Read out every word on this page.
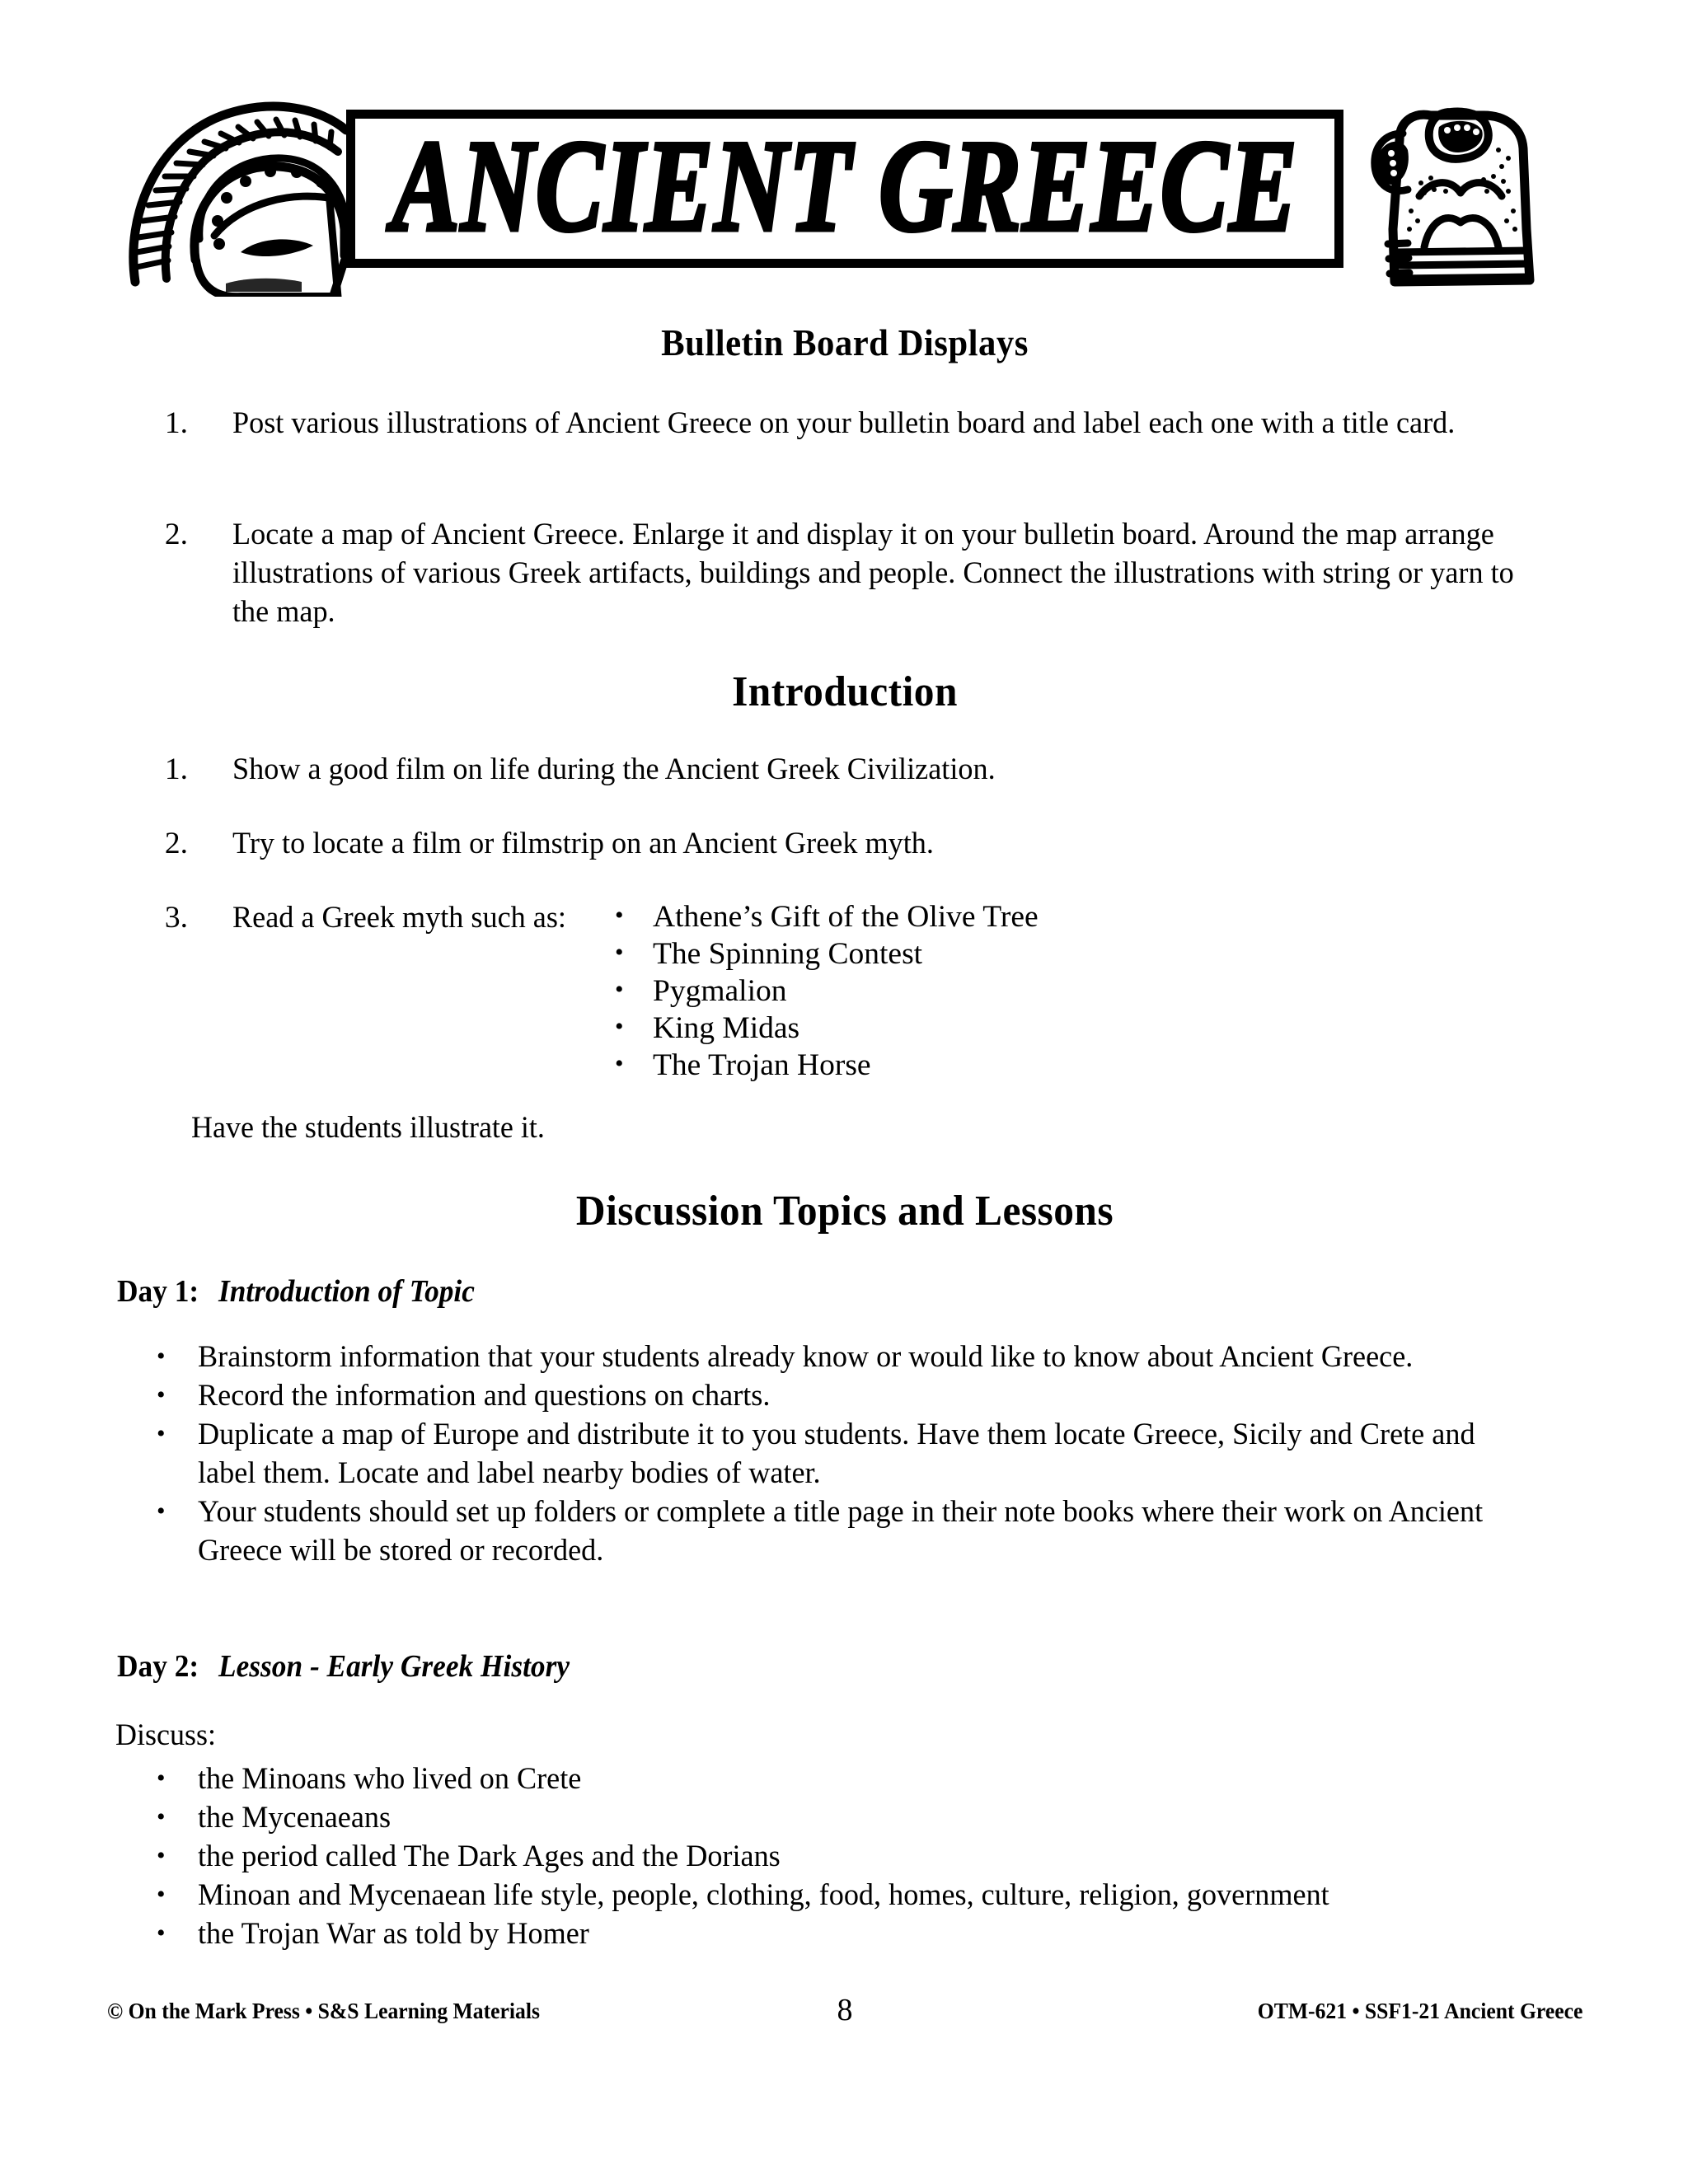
ANCIENT GREECE
Bulletin Board Displays
1. Post various illustrations of Ancient Greece on your bulletin board and label each one with a title card.
2. Locate a map of Ancient Greece. Enlarge it and display it on your bulletin board. Around the map arrange illustrations of various Greek artifacts, buildings and people. Connect the illustrations with string or yarn to the map.
Introduction
1. Show a good film on life during the Ancient Greek Civilization.
2. Try to locate a film or filmstrip on an Ancient Greek myth.
3. Read a Greek myth such as:	• Athene’s Gift of the Olive Tree
• The Spinning Contest
• Pygmalion
• King Midas
• The Trojan Horse
Have the students illustrate it.
Discussion Topics and Lessons
Day 1: Introduction of Topic
• Brainstorm information that your students already know or would like to know about Ancient Greece.
• Record the information and questions on charts.
• Duplicate a map of Europe and distribute it to you students. Have them locate Greece, Sicily and Crete and label them. Locate and label nearby bodies of water.
• Your students should set up folders or complete a title page in their note books where their work on Ancient Greece will be stored or recorded.
Day 2: Lesson - Early Greek History
Discuss:
• the Minoans who lived on Crete
• the Mycenaeans
• the period called The Dark Ages and the Dorians
• Minoan and Mycenaean life style, people, clothing, food, homes, culture, religion, government
• the Trojan War as told by Homer
© On the Mark Press • S&S Learning Materials	8	OTM-621 • SSF1-21 Ancient Greece
